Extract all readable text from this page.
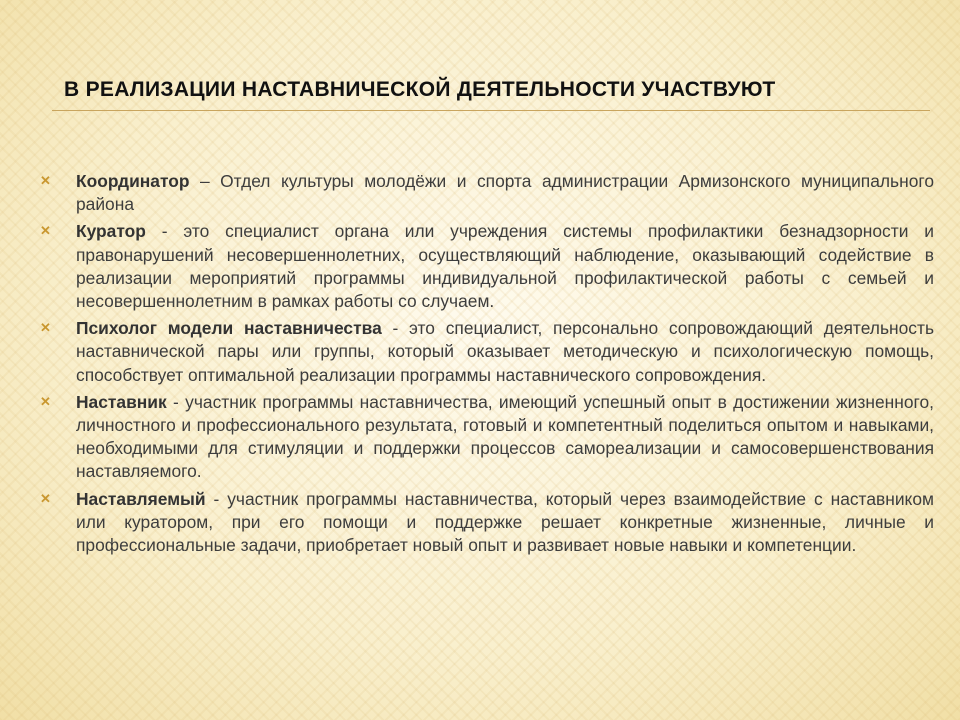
В РЕАЛИЗАЦИИ НАСТАВНИЧЕСКОЙ ДЕЯТЕЛЬНОСТИ УЧАСТВУЮТ
✕ Координатор – Отдел культуры молодёжи и спорта администрации Армизонского муниципального района
✕ Куратор - это специалист органа или учреждения системы профилактики безнадзорности и правонарушений несовершеннолетних, осуществляющий наблюдение, оказывающий содействие в реализации мероприятий программы индивидуальной профилактической работы с семьей и несовершеннолетним в рамках работы со случаем.
✕ Психолог модели наставничества - это специалист, персонально сопровождающий деятельность наставнической пары или группы, который оказывает методическую и психологическую помощь, способствует оптимальной реализации программы наставнического сопровождения.
✕ Наставник - участник программы наставничества, имеющий успешный опыт в достижении жизненного, личностного и профессионального результата, готовый и компетентный поделиться опытом и навыками, необходимыми для стимуляции и поддержки процессов самореализации и самосовершенствования наставляемого.
✕ Наставляемый - участник программы наставничества, который через взаимодействие с наставником или куратором, при его помощи и поддержке решает конкретные жизненные, личные и профессиональные задачи, приобретает новый опыт и развивает новые навыки и компетенции.
